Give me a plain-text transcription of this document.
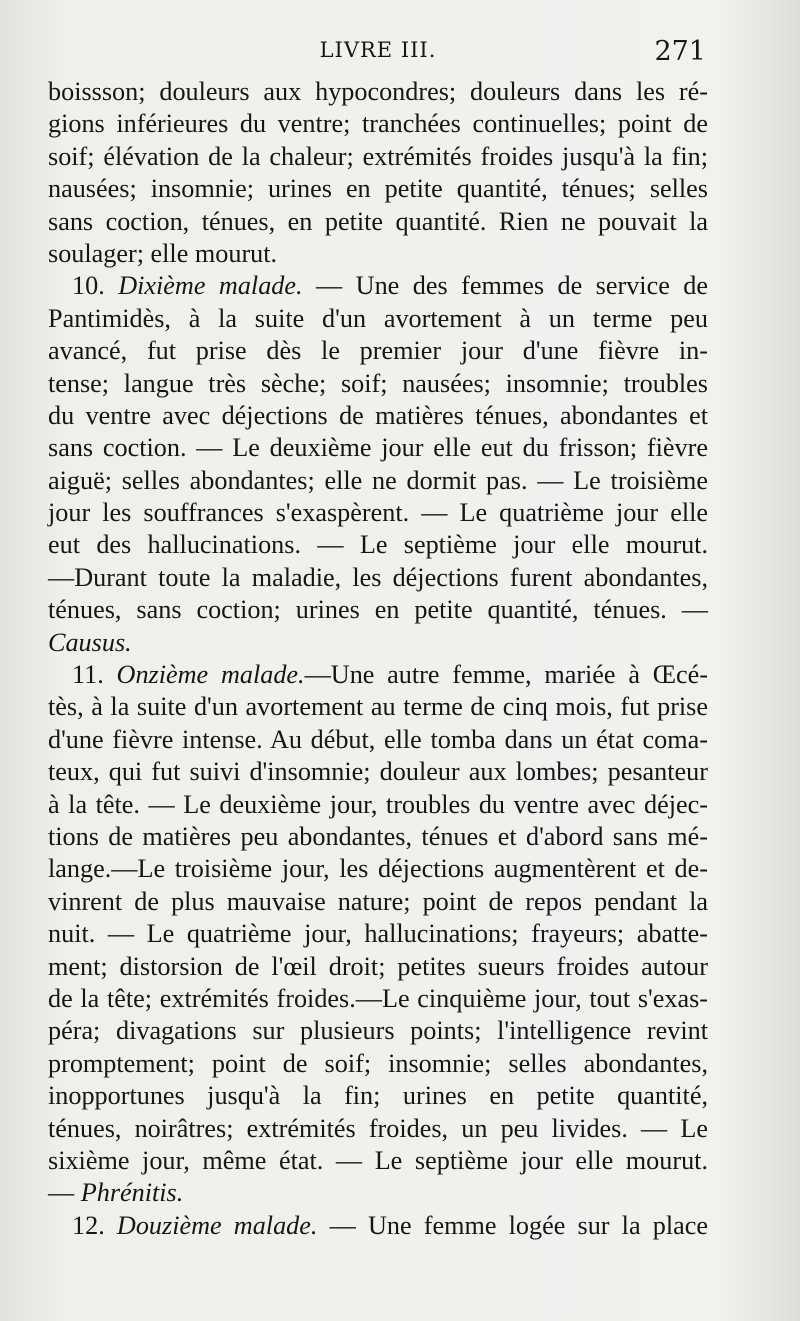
LIVRE III.	271
boissson; douleurs aux hypocondres; douleurs dans les ré-
gions inférieures du ventre; tranchées continuelles; point de
soif; élévation de la chaleur; extrémités froides jusqu'à la fin;
nausées; insomnie; urines en petite quantité, ténues; selles
sans coction, ténues, en petite quantité. Rien ne pouvait la
soulager; elle mourut.
10. Dixième malade. — Une des femmes de service de
Pantimidès, à la suite d'un avortement à un terme peu
avancé, fut prise dès le premier jour d'une fièvre in-
tense; langue très sèche; soif; nausées; insomnie; troubles
du ventre avec déjections de matières ténues, abondantes et
sans coction. — Le deuxième jour elle eut du frisson; fièvre
aiguë; selles abondantes; elle ne dormit pas. — Le troisième
jour les souffrances s'exaspèrent. — Le quatrième jour elle
eut des hallucinations. — Le septième jour elle mourut.
—Durant toute la maladie, les déjections furent abondantes,
ténues, sans coction; urines en petite quantité, ténues. —
Causus.
11. Onzième malade.—Une autre femme, mariée à Œcé-
tès, à la suite d'un avortement au terme de cinq mois, fut prise
d'une fièvre intense. Au début, elle tomba dans un état coma-
teux, qui fut suivi d'insomnie; douleur aux lombes; pesanteur
à la tête. — Le deuxième jour, troubles du ventre avec déjec-
tions de matières peu abondantes, ténues et d'abord sans mé-
lange.—Le troisième jour, les déjections augmentèrent et de-
vinrent de plus mauvaise nature; point de repos pendant la
nuit. — Le quatrième jour, hallucinations; frayeurs; abatte-
ment; distorsion de l'œil droit; petites sueurs froides autour
de la tête; extrémités froides.—Le cinquième jour, tout s'exas-
péra; divagations sur plusieurs points; l'intelligence revint
promptement; point de soif; insomnie; selles abondantes,
inopportunes jusqu'à la fin; urines en petite quantité,
ténues, noirâtres; extrémités froides, un peu livides. — Le
sixième jour, même état. — Le septième jour elle mourut.
— Phrénitis.
12. Douzième malade. — Une femme logée sur la place
